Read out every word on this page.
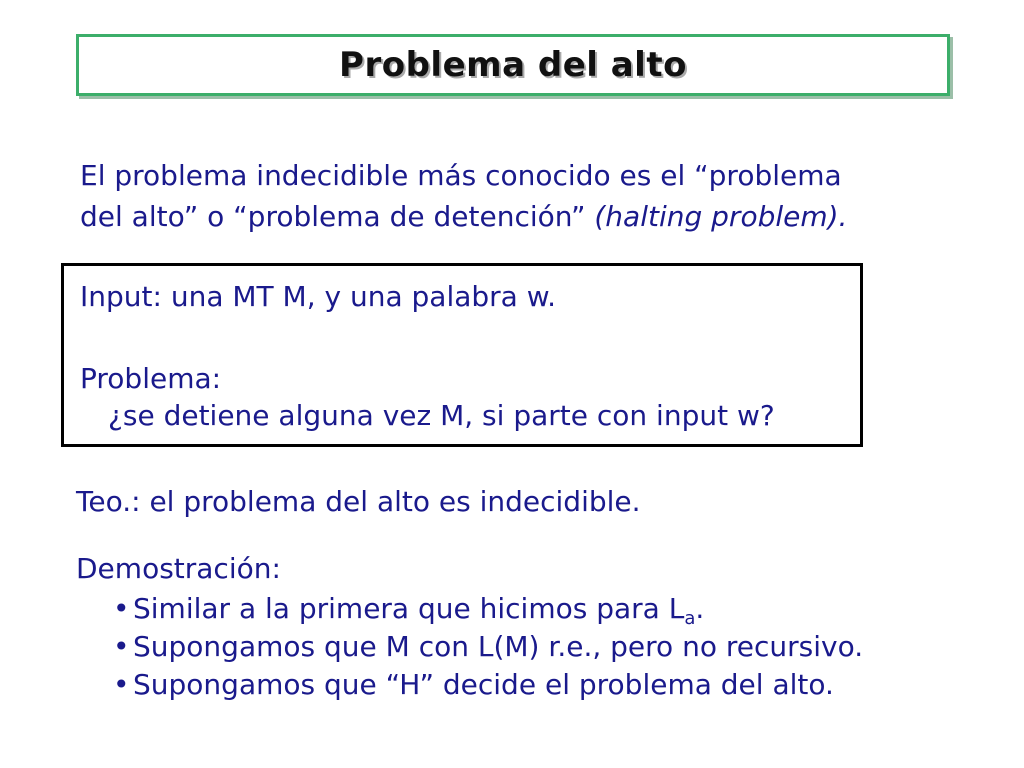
Problema del alto
El problema indecidible más conocido es el “problema
del alto” o “problema de detención” (halting problem).
Input: una MT M, y una palabra w.
Problema:
¿se detiene alguna vez M, si parte con input w?
Teo.: el problema del alto es indecidible.
Demostración:
• Similar a la primera que hicimos para $L_a$.
• Supongamos que M con L(M) r.e., pero no recursivo.
• Supongamos que “H” decide el problema del alto.
